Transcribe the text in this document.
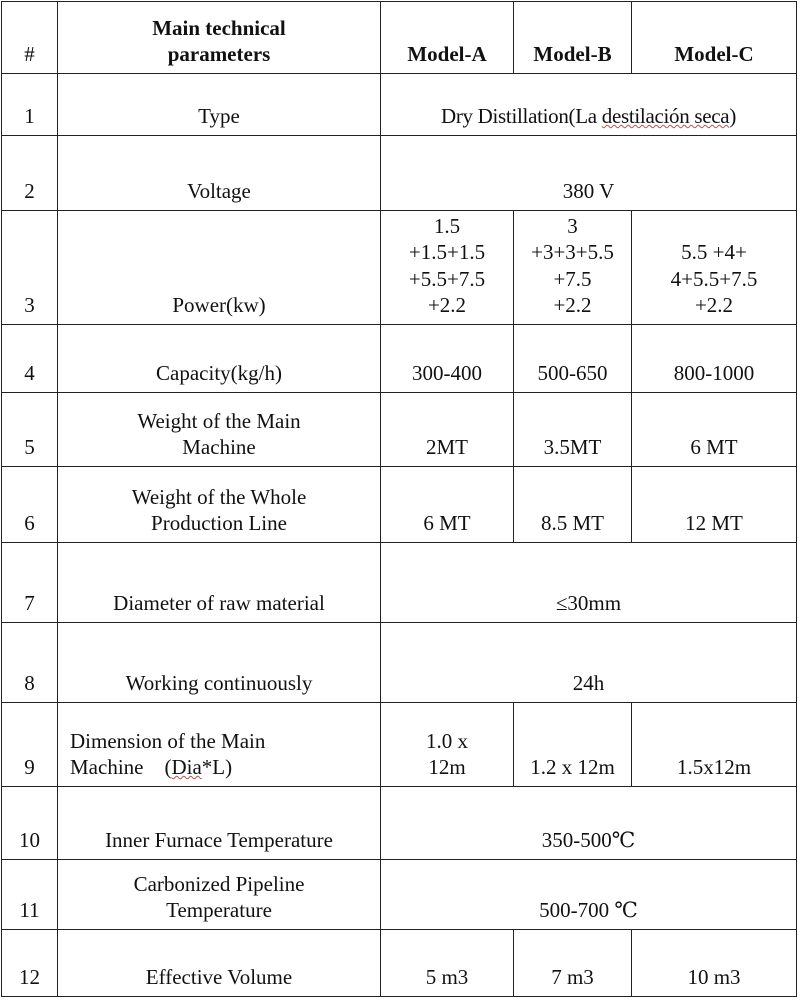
#	Main technical
parameters	Model-A	Model-B	Model-C
1	Type	Dry Distillation(La destilación seca)		
2	Voltage	380 V		
3	Power(kw)	1.5
+1.5+1.5
+5.5+7.5
+2.2	3
+3+3+5.5
+7.5
+2.2	5.5 +4+
4+5.5+7.5
+2.2
4	Capacity(kg/h)	300-400	500-650	800-1000
5	Weight of the Main
Machine	2MT	3.5MT	6 MT
6	Weight of the Whole
Production Line	6 MT	8.5 MT	12 MT
7	Diameter of raw material	≤30mm		
8	Working continuously	24h		
9	Dimension of the Main
Machine    (Dia*L)	1.0 x
12m	1.2 x 12m	1.5x12m
10	Inner Furnace Temperature	350-500℃		
11	Carbonized Pipeline
Temperature	500-700 ℃		
12	Effective Volume	5 m3	7 m3	10 m3
